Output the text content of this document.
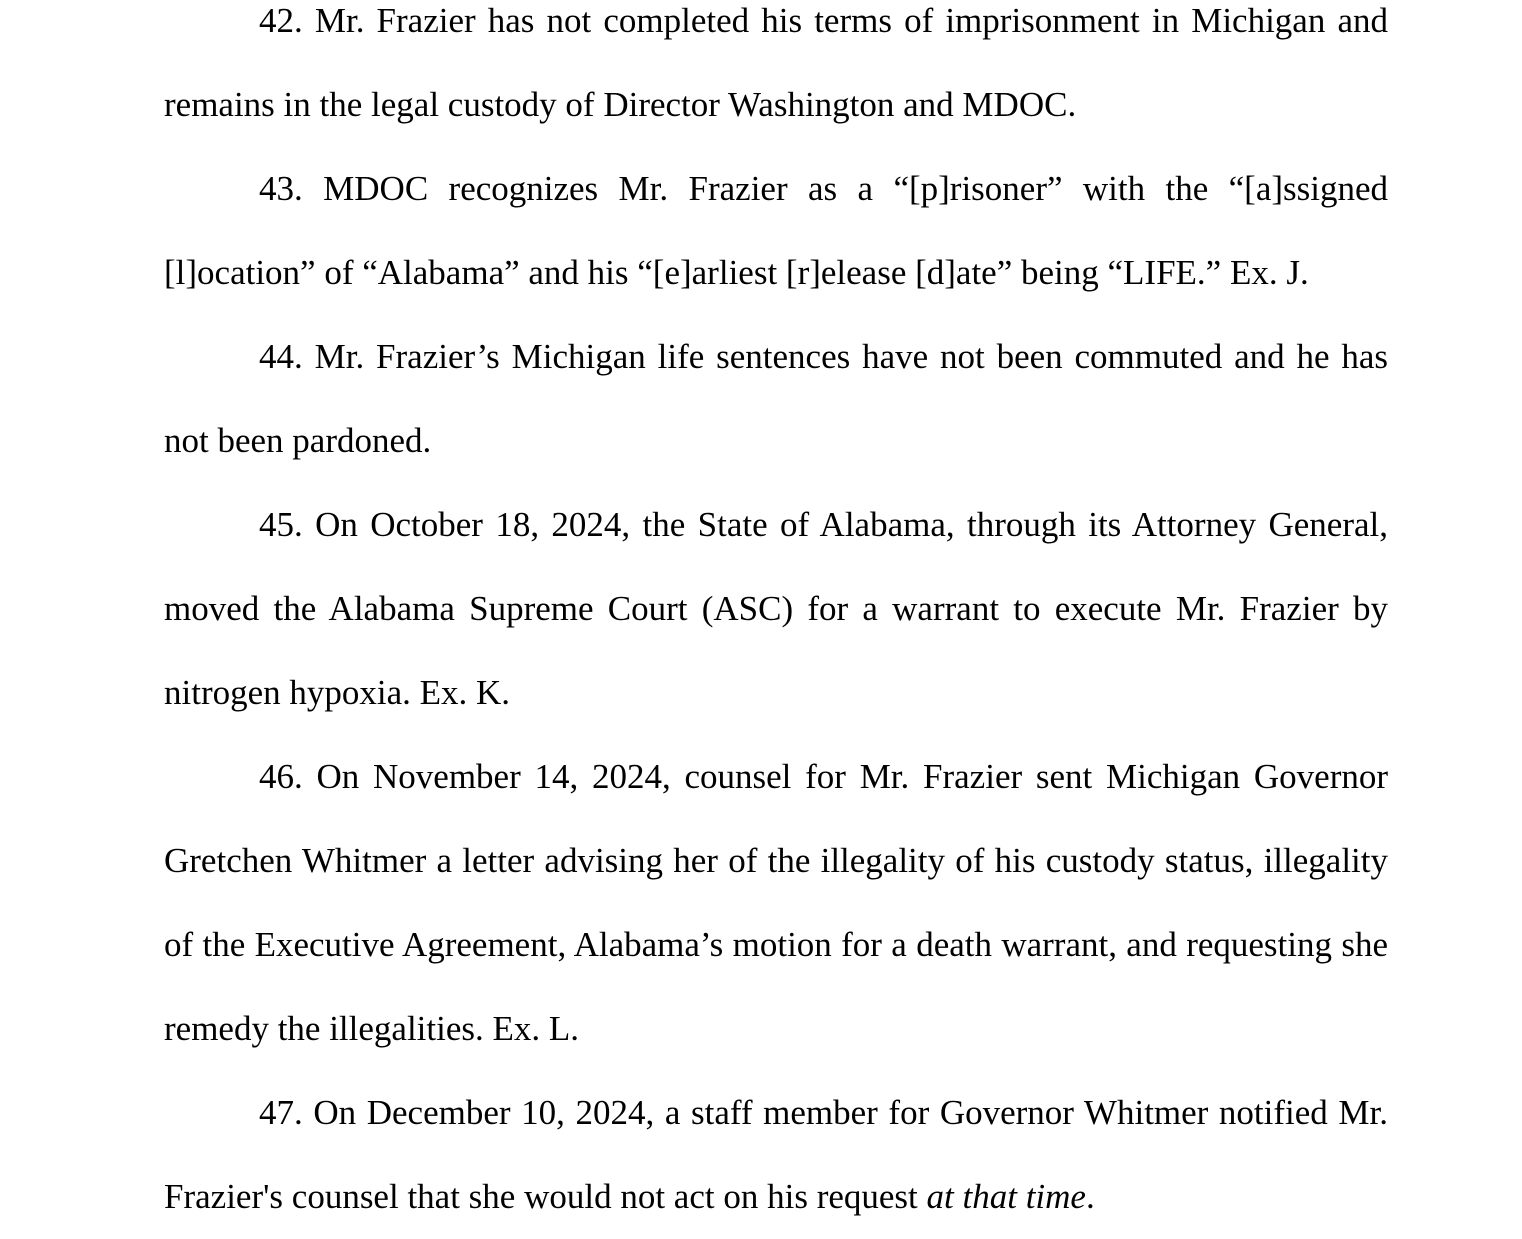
42. Mr. Frazier has not completed his terms of imprisonment in Michigan and remains in the legal custody of Director Washington and MDOC.

43. MDOC recognizes Mr. Frazier as a “[p]risoner” with the “[a]ssigned [l]ocation” of “Alabama” and his “[e]arliest [r]elease [d]ate” being “LIFE.” Ex. J.

44. Mr. Frazier’s Michigan life sentences have not been commuted and he has not been pardoned.

45. On October 18, 2024, the State of Alabama, through its Attorney General, moved the Alabama Supreme Court (ASC) for a warrant to execute Mr. Frazier by nitrogen hypoxia. Ex. K.

46. On November 14, 2024, counsel for Mr. Frazier sent Michigan Governor Gretchen Whitmer a letter advising her of the illegality of his custody status, illegality of the Executive Agreement, Alabama’s motion for a death warrant, and requesting she remedy the illegalities. Ex. L.

47. On December 10, 2024, a staff member for Governor Whitmer notified Mr. Frazier's counsel that she would not act on his request at that time.
